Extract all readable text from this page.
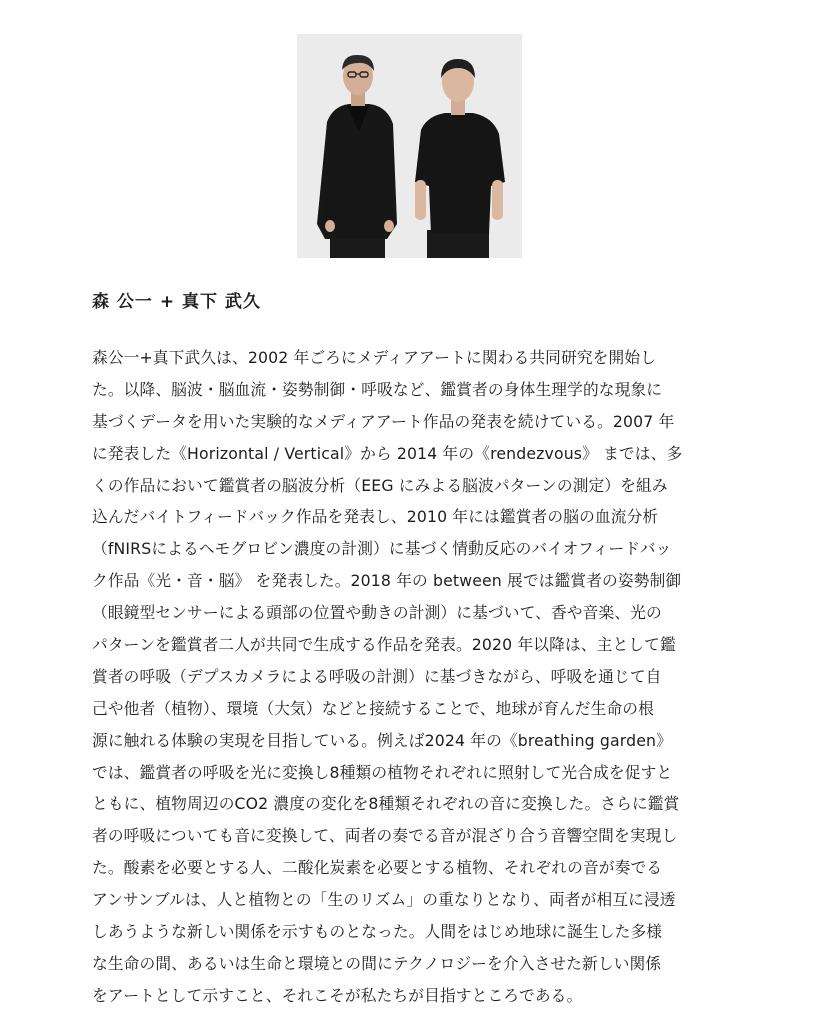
森 公一 + 真下 武久
森公一+真下武久は、2002 年ごろにメディアアートに関わる共同研究を開始し
た。以降、脳波・脳血流・姿勢制御・呼吸など、鑑賞者の身体生理学的な現象に
基づくデータを用いた実験的なメディアアート作品の発表を続けている。2007 年
に発表した《Horizontal / Vertical》から 2014 年の《rendezvous》 までは、多
くの作品において鑑賞者の脳波分析（EEG にみよる脳波パターンの測定）を組み
込んだバイトフィードバック作品を発表し、2010 年には鑑賞者の脳の血流分析
（fNIRSによるヘモグロビン濃度の計測）に基づく情動反応のバイオフィードバッ
ク作品《光・音・脳》 を発表した。2018 年の between 展では鑑賞者の姿勢制御
（眼鏡型センサーによる頭部の位置や動きの計測）に基づいて、香や音楽、光の
パターンを鑑賞者二人が共同で生成する作品を発表。2020 年以降は、主として鑑
賞者の呼吸（デプスカメラによる呼吸の計測）に基づきながら、呼吸を通じて自
己や他者（植物）、環境（大気）などと接続することで、地球が育んだ生命の根
源に触れる体験の実現を目指している。例えば2024 年の《breathing garden》
では、鑑賞者の呼吸を光に変換し8種類の植物それぞれに照射して光合成を促すと
ともに、植物周辺のCO2 濃度の変化を8種類それぞれの音に変換した。さらに鑑賞
者の呼吸についても音に変換して、両者の奏でる音が混ざり合う音響空間を実現し
た。酸素を必要とする人、二酸化炭素を必要とする植物、それぞれの音が奏でる
アンサンブルは、人と植物との「生のリズム」の重なりとなり、両者が相互に浸透
しあうような新しい関係を示すものとなった。人間をはじめ地球に誕生した多様
な生命の間、あるいは生命と環境との間にテクノロジーを介入させた新しい関係
をアートとして示すこと、それこそが私たちが目指すところである。
